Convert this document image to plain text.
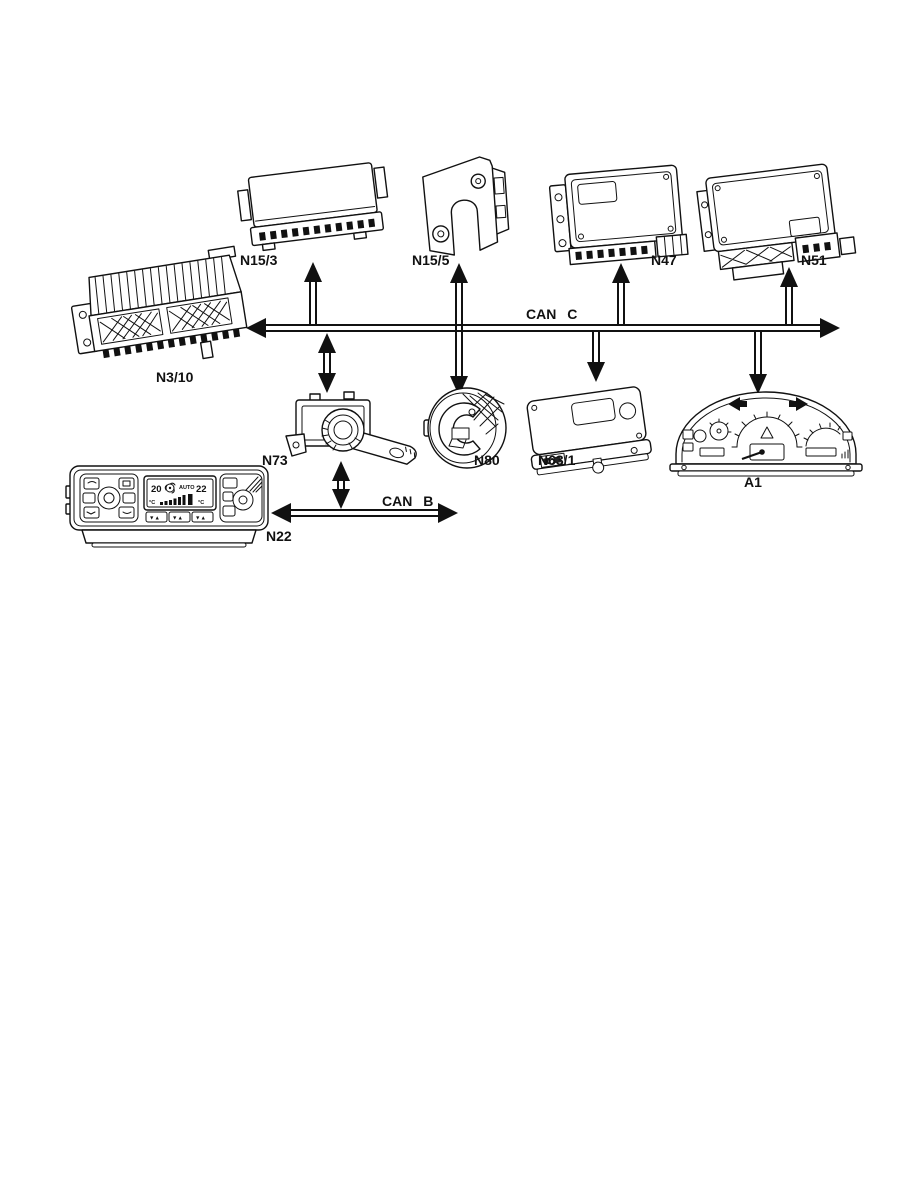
20	AUTO 22
°C	°C
▼▲ ▼▲ ▼▲
N15/3	N15/5	N47	N51
N3/10
CAN C
N73	N80	N63/1
A1
CAN B
N22
